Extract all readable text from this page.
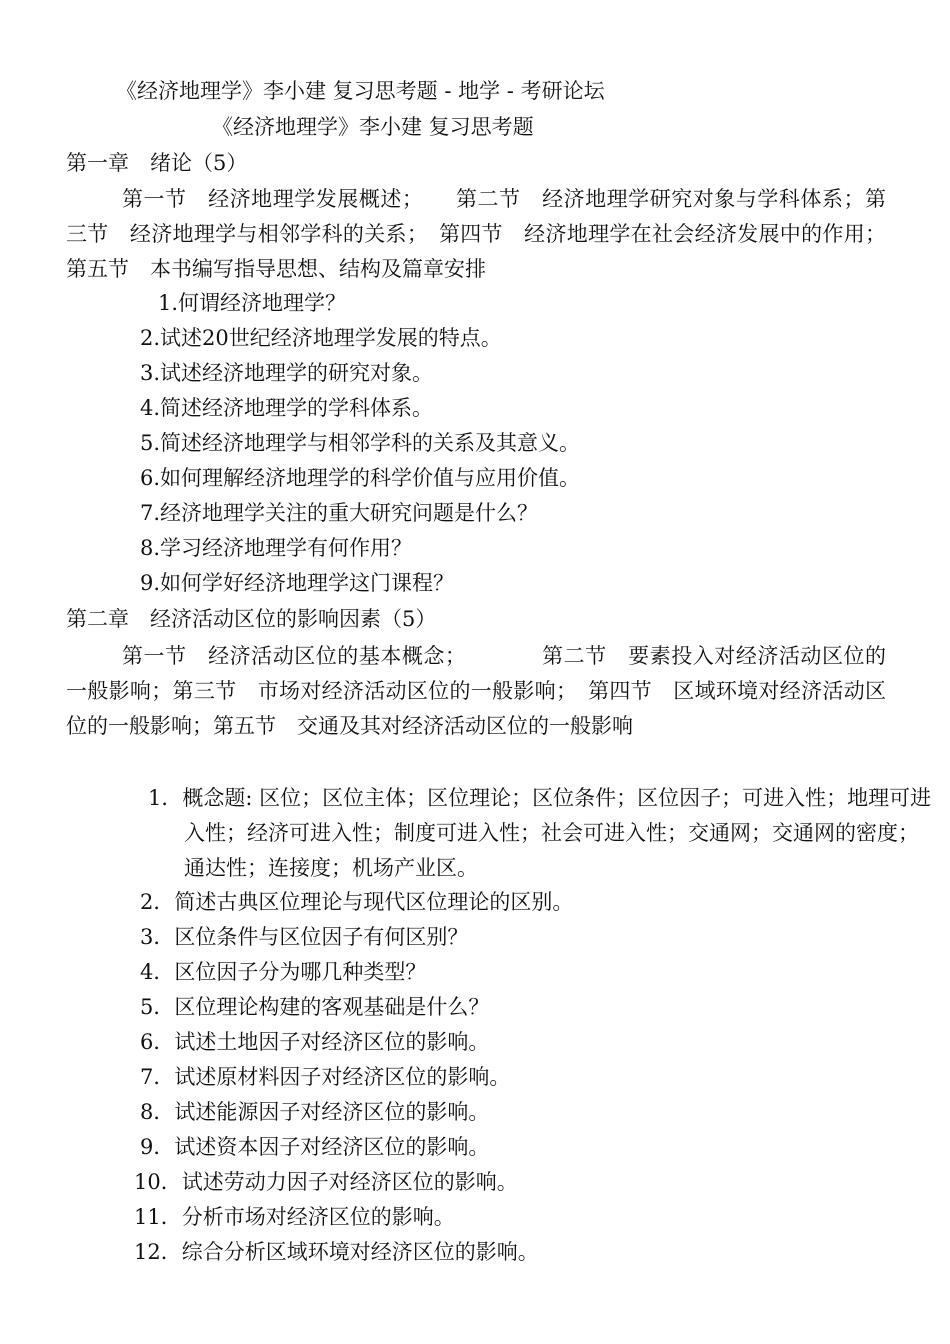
《经济地理学》李小建 复习思考题 - 地学 - 考研论坛
《经济地理学》李小建 复习思考题
第一章　绪论（5）
第一节　经济地理学发展概述；　　第二节　经济地理学研究对象与学科体系；第三节　经济地理学与相邻学科的关系；　第四节　经济地理学在社会经济发展中的作用；第五节　本书编写指导思想、结构及篇章安排
1.何谓经济地理学？
2.试述20世纪经济地理学发展的特点。
3.试述经济地理学的研究对象。
4.简述经济地理学的学科体系。
5.简述经济地理学与相邻学科的关系及其意义。
6.如何理解经济地理学的科学价值与应用价值。
7.经济地理学关注的重大研究问题是什么？
8.学习经济地理学有何作用？
9.如何学好经济地理学这门课程？
第二章　经济活动区位的影响因素（5）
第一节　经济活动区位的基本概念；　　　　第二节　要素投入对经济活动区位的一般影响；第三节　市场对经济活动区位的一般影响；　第四节　区域环境对经济活动区位的一般影响；第五节　交通及其对经济活动区位的一般影响
1．概念题: 区位；区位主体；区位理论；区位条件；区位因子；可进入性；地理可进入性；经济可进入性；制度可进入性；社会可进入性；交通网；交通网的密度；通达性；连接度；机场产业区。
2．简述古典区位理论与现代区位理论的区别。
3．区位条件与区位因子有何区别？
4．区位因子分为哪几种类型？
5．区位理论构建的客观基础是什么？
6．试述土地因子对经济区位的影响。
7．试述原材料因子对经济区位的影响。
8．试述能源因子对经济区位的影响。
9．试述资本因子对经济区位的影响。
10．试述劳动力因子对经济区位的影响。
11．分析市场对经济区位的影响。
12．综合分析区域环境对经济区位的影响。
